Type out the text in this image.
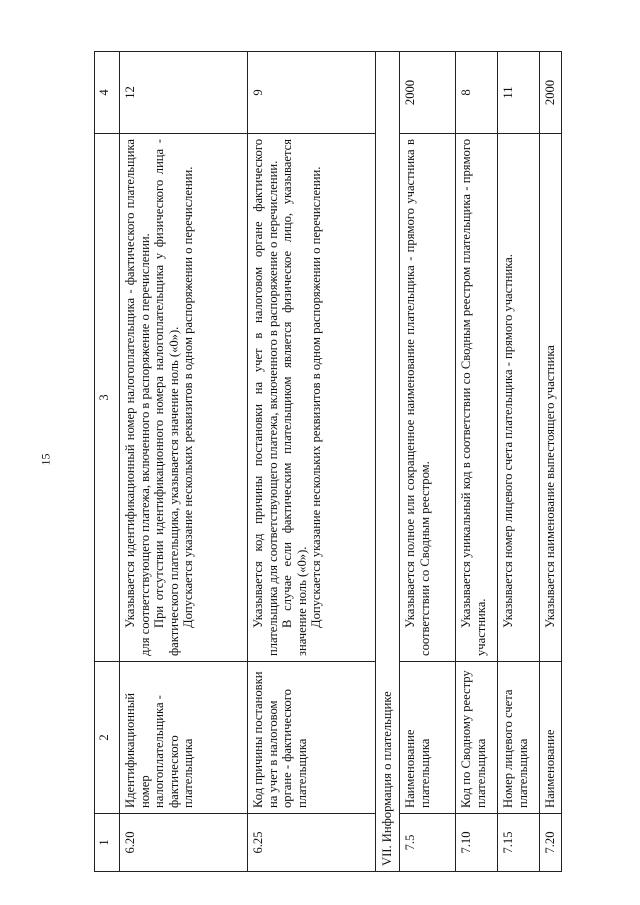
15
1	2	3	4
6.20	Идентификационный номер налогоплательщика - фактического плательщика	Указывается идентификационный номер налогоплательщика - фактического плательщика для соответствующего платежа, включенного в распоряжение о перечислении. При отсутствии идентификационного номера налогоплательщика у физического лица - фактического плательщика, указывается значение ноль («0»). Допускается указание нескольких реквизитов в одном распоряжении о перечислении.	12
6.25	Код причины постановки на учет в налоговом органе - фактического плательщика	Указывается код причины постановки на учет в налоговом органе фактического плательщика для соответствующего платежа, включенного в распоряжение о перечислении. В случае если фактическим плательщиком является физическое лицо, указывается значение ноль («0»). Допускается указание нескольких реквизитов в одном распоряжении о перечислении.	9
VII. Информация о плательщике			
7.5	Наименование плательщика	Указывается полное или сокращенное наименование плательщика - прямого участника в соответствии со Сводным реестром.	2000
7.10	Код по Сводному реестру плательщика	Указывается уникальный код в соответствии со Сводным реестром плательщика - прямого участника.	8
7.15	Номер лицевого счета плательщика	Указывается номер лицевого счета плательщика - прямого участника.	11
7.20	Наименование	Указывается наименование выпестоящего участника	2000
